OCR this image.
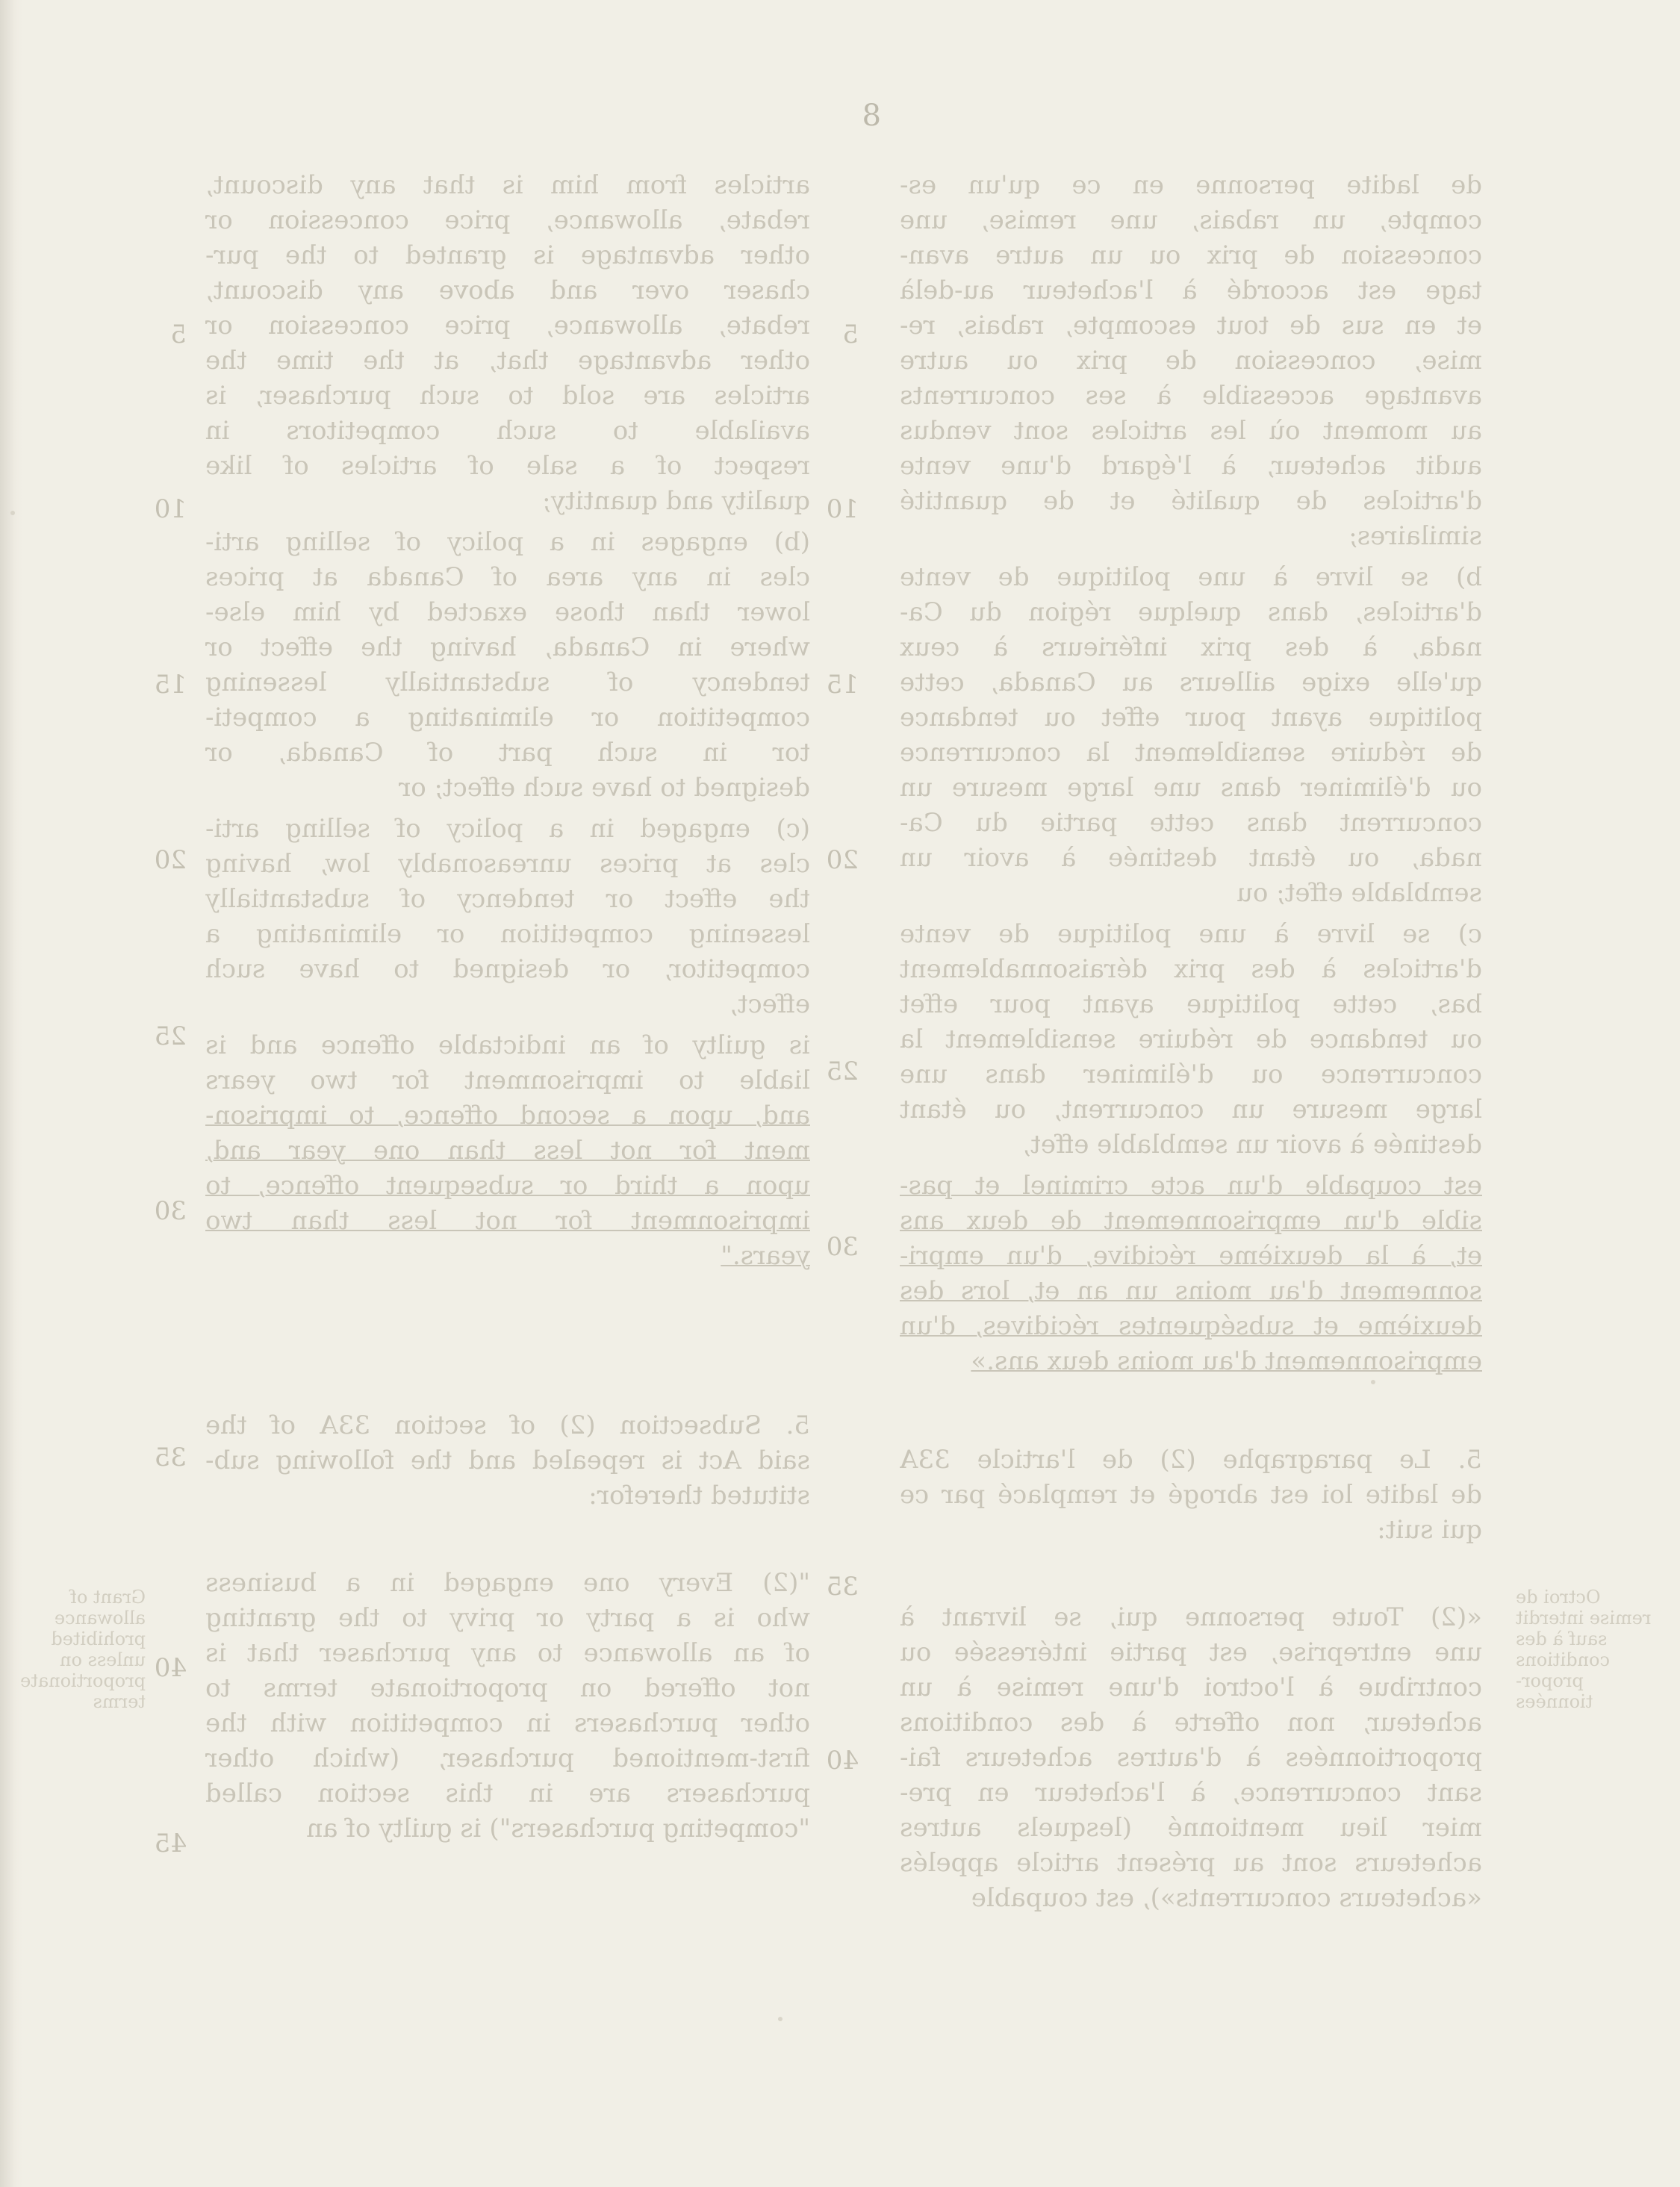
8
articles from him is that any discount,
rebate, allowance, price concession or
other advantage is granted to the pur-
chaser over and above any discount,
rebate, allowance, price concession or
other advantage that, at the time the
articles are sold to such purchaser, is
available to such competitors in
respect of a sale of articles of like
quality and quantity;
(b) engages in a policy of selling arti-
cles in any area of Canada at prices
lower than those exacted by him else-
where in Canada, having the effect or
tendency of substantially lessening
competition or eliminating a competi-
tor in such part of Canada, or
designed to have such effect; or
(c) engaged in a policy of selling arti-
cles at prices unreasonably low, having
the effect or tendency of substantially
lessening competition or eliminating a
competitor, or designed to have such
effect,
is guilty of an indictable offence and is
liable to imprisonment for two years
and, upon a second offence, to imprison-
ment for not less than one year and,
upon a third or subsequent offence, to
imprisonment for not less than two
years."
5. Subsection (2) of section 33A of the
said Act is repealed and the following sub-
stituted therefor:
"(2) Every one engaged in a business
who is a party or privy to the granting
of an allowance to any purchaser that is
not offered on proportionate terms to
other purchasers in competition with the
first-mentioned purchaser, (which other
purchasers are in this section called
"competing purchasers") is guilty of an
de ladite personne en ce qu'un es-
compte, un rabais, une remise, une
concession de prix ou un autre avan-
tage est accordé à l'acheteur au-delà
et en sus de tout escompte, rabais, re-
mise, concession de prix ou autre
avantage accessible à ses concurrents
au moment où les articles sont vendus
audit acheteur, à l'égard d'une vente
d'articles de qualité et de quantité
similaires;
b) se livre à une politique de vente
d'articles, dans quelque région du Ca-
nada, à des prix inférieurs à ceux
qu'elle exige ailleurs au Canada, cette
politique ayant pour effet ou tendance
de réduire sensiblement la concurrence
ou d'éliminer dans une large mesure un
concurrent dans cette partie du Ca-
nada, ou étant destinée à avoir un
semblable effet; ou
c) se livre à une politique de vente
d'articles à des prix déraisonnablement
bas, cette politique ayant pour effet
ou tendance de réduire sensiblement la
concurrence ou d'éliminer dans une
large mesure un concurrent, ou étant
destinée à avoir un semblable effet,
est coupable d'un acte criminel et pas-
sible d'un emprisonnement de deux ans
et, à la deuxième récidive, d'un empri-
sonnement d'au moins un an et, lors des
deuxième et subséquentes récidives, d'un
emprisonnement d'au moins deux ans.»
5. Le paragraphe (2) de l'article 33A
de ladite loi est abrogé et remplacé par ce
qui suit:
«(2) Toute personne qui, se livrant à
une entreprise, est partie intéressée ou
contribue à l'octroi d'une remise à un
acheteur, non offerte à des conditions
proportionnées à d'autres acheteurs fai-
sant concurrence, à l'acheteur en pre-
mier lieu mentionné (lesquels autres
acheteurs sont au présent article appelés
«acheteurs concurrents»), est coupable
5
10
15
20
25
30
35
40
5
10
15
20
25
30
35
40
45
Grant of allowance prohibited unless on proportionate terms
Octroi de remise interdit sauf à des conditions propor-tionnées
